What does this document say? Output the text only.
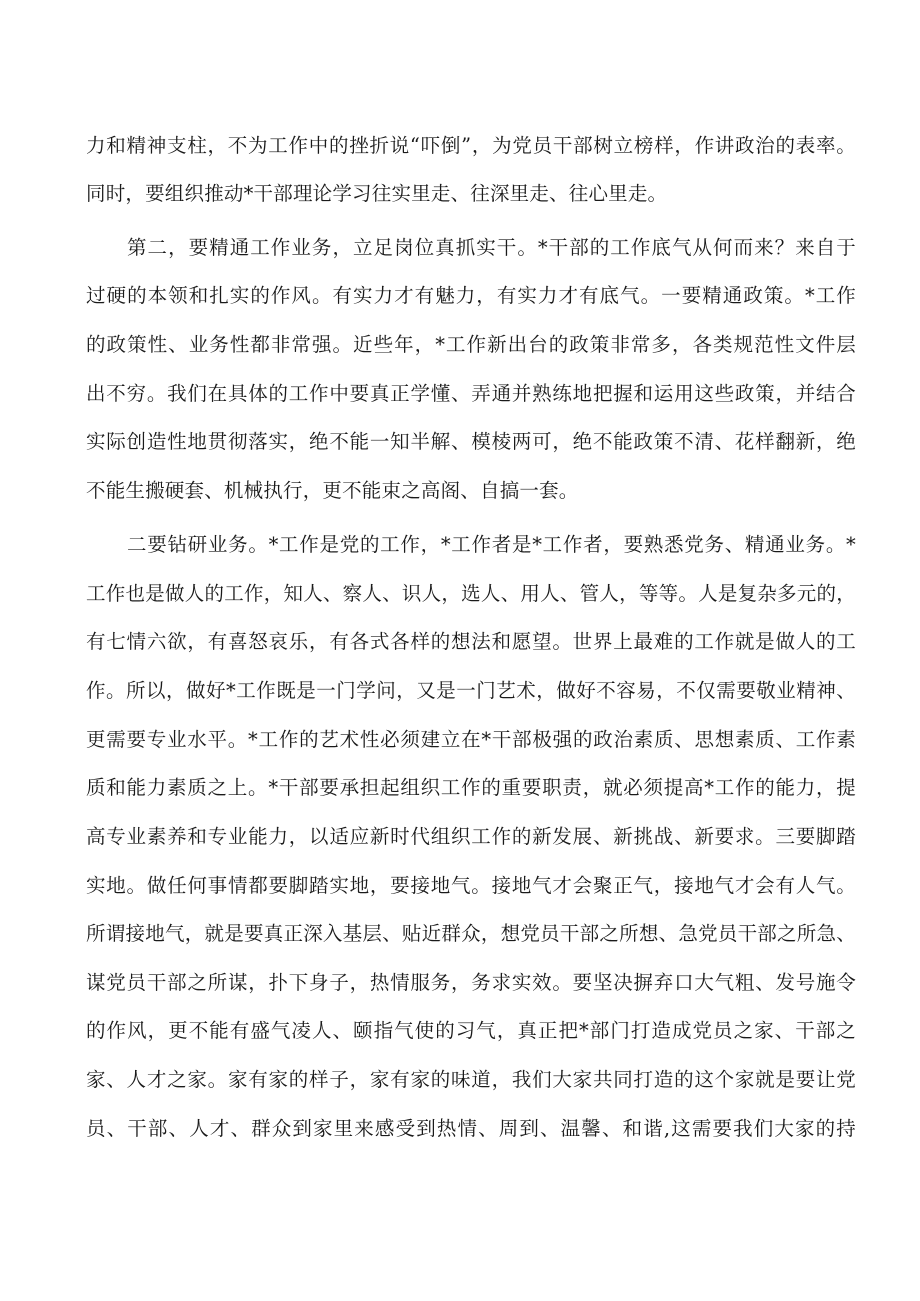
力和精神支柱，不为工作中的挫折说“吓倒”，为党员干部树立榜样，作讲政治的表率。
同时，要组织推动*干部理论学习往实里走、往深里走、往心里走。
第二，要精通工作业务，立足岗位真抓实干。*干部的工作底气从何而来？来自于
过硬的本领和扎实的作风。有实力才有魅力，有实力才有底气。一要精通政策。*工作
的政策性、业务性都非常强。近些年，*工作新出台的政策非常多，各类规范性文件层
出不穷。我们在具体的工作中要真正学懂、弄通并熟练地把握和运用这些政策，并结合
实际创造性地贯彻落实，绝不能一知半解、模棱两可，绝不能政策不清、花样翻新，绝
不能生搬硬套、机械执行，更不能束之高阁、自搞一套。
二要钻研业务。*工作是党的工作，*工作者是*工作者，要熟悉党务、精通业务。*
工作也是做人的工作，知人、察人、识人，选人、用人、管人，等等。人是复杂多元的，
有七情六欲，有喜怒哀乐，有各式各样的想法和愿望。世界上最难的工作就是做人的工
作。所以，做好*工作既是一门学问，又是一门艺术，做好不容易，不仅需要敬业精神、
更需要专业水平。*工作的艺术性必须建立在*干部极强的政治素质、思想素质、工作素
质和能力素质之上。*干部要承担起组织工作的重要职责，就必须提高*工作的能力，提
高专业素养和专业能力，以适应新时代组织工作的新发展、新挑战、新要求。三要脚踏
实地。做任何事情都要脚踏实地，要接地气。接地气才会聚正气，接地气才会有人气。
所谓接地气，就是要真正深入基层、贴近群众，想党员干部之所想、急党员干部之所急、
谋党员干部之所谋，扑下身子，热情服务，务求实效。要坚决摒弃口大气粗、发号施令
的作风，更不能有盛气凌人、颐指气使的习气，真正把*部门打造成党员之家、干部之
家、人才之家。家有家的样子，家有家的味道，我们大家共同打造的这个家就是要让党
员、干部、人才、群众到家里来感受到热情、周到、温馨、和谐,这需要我们大家的持
